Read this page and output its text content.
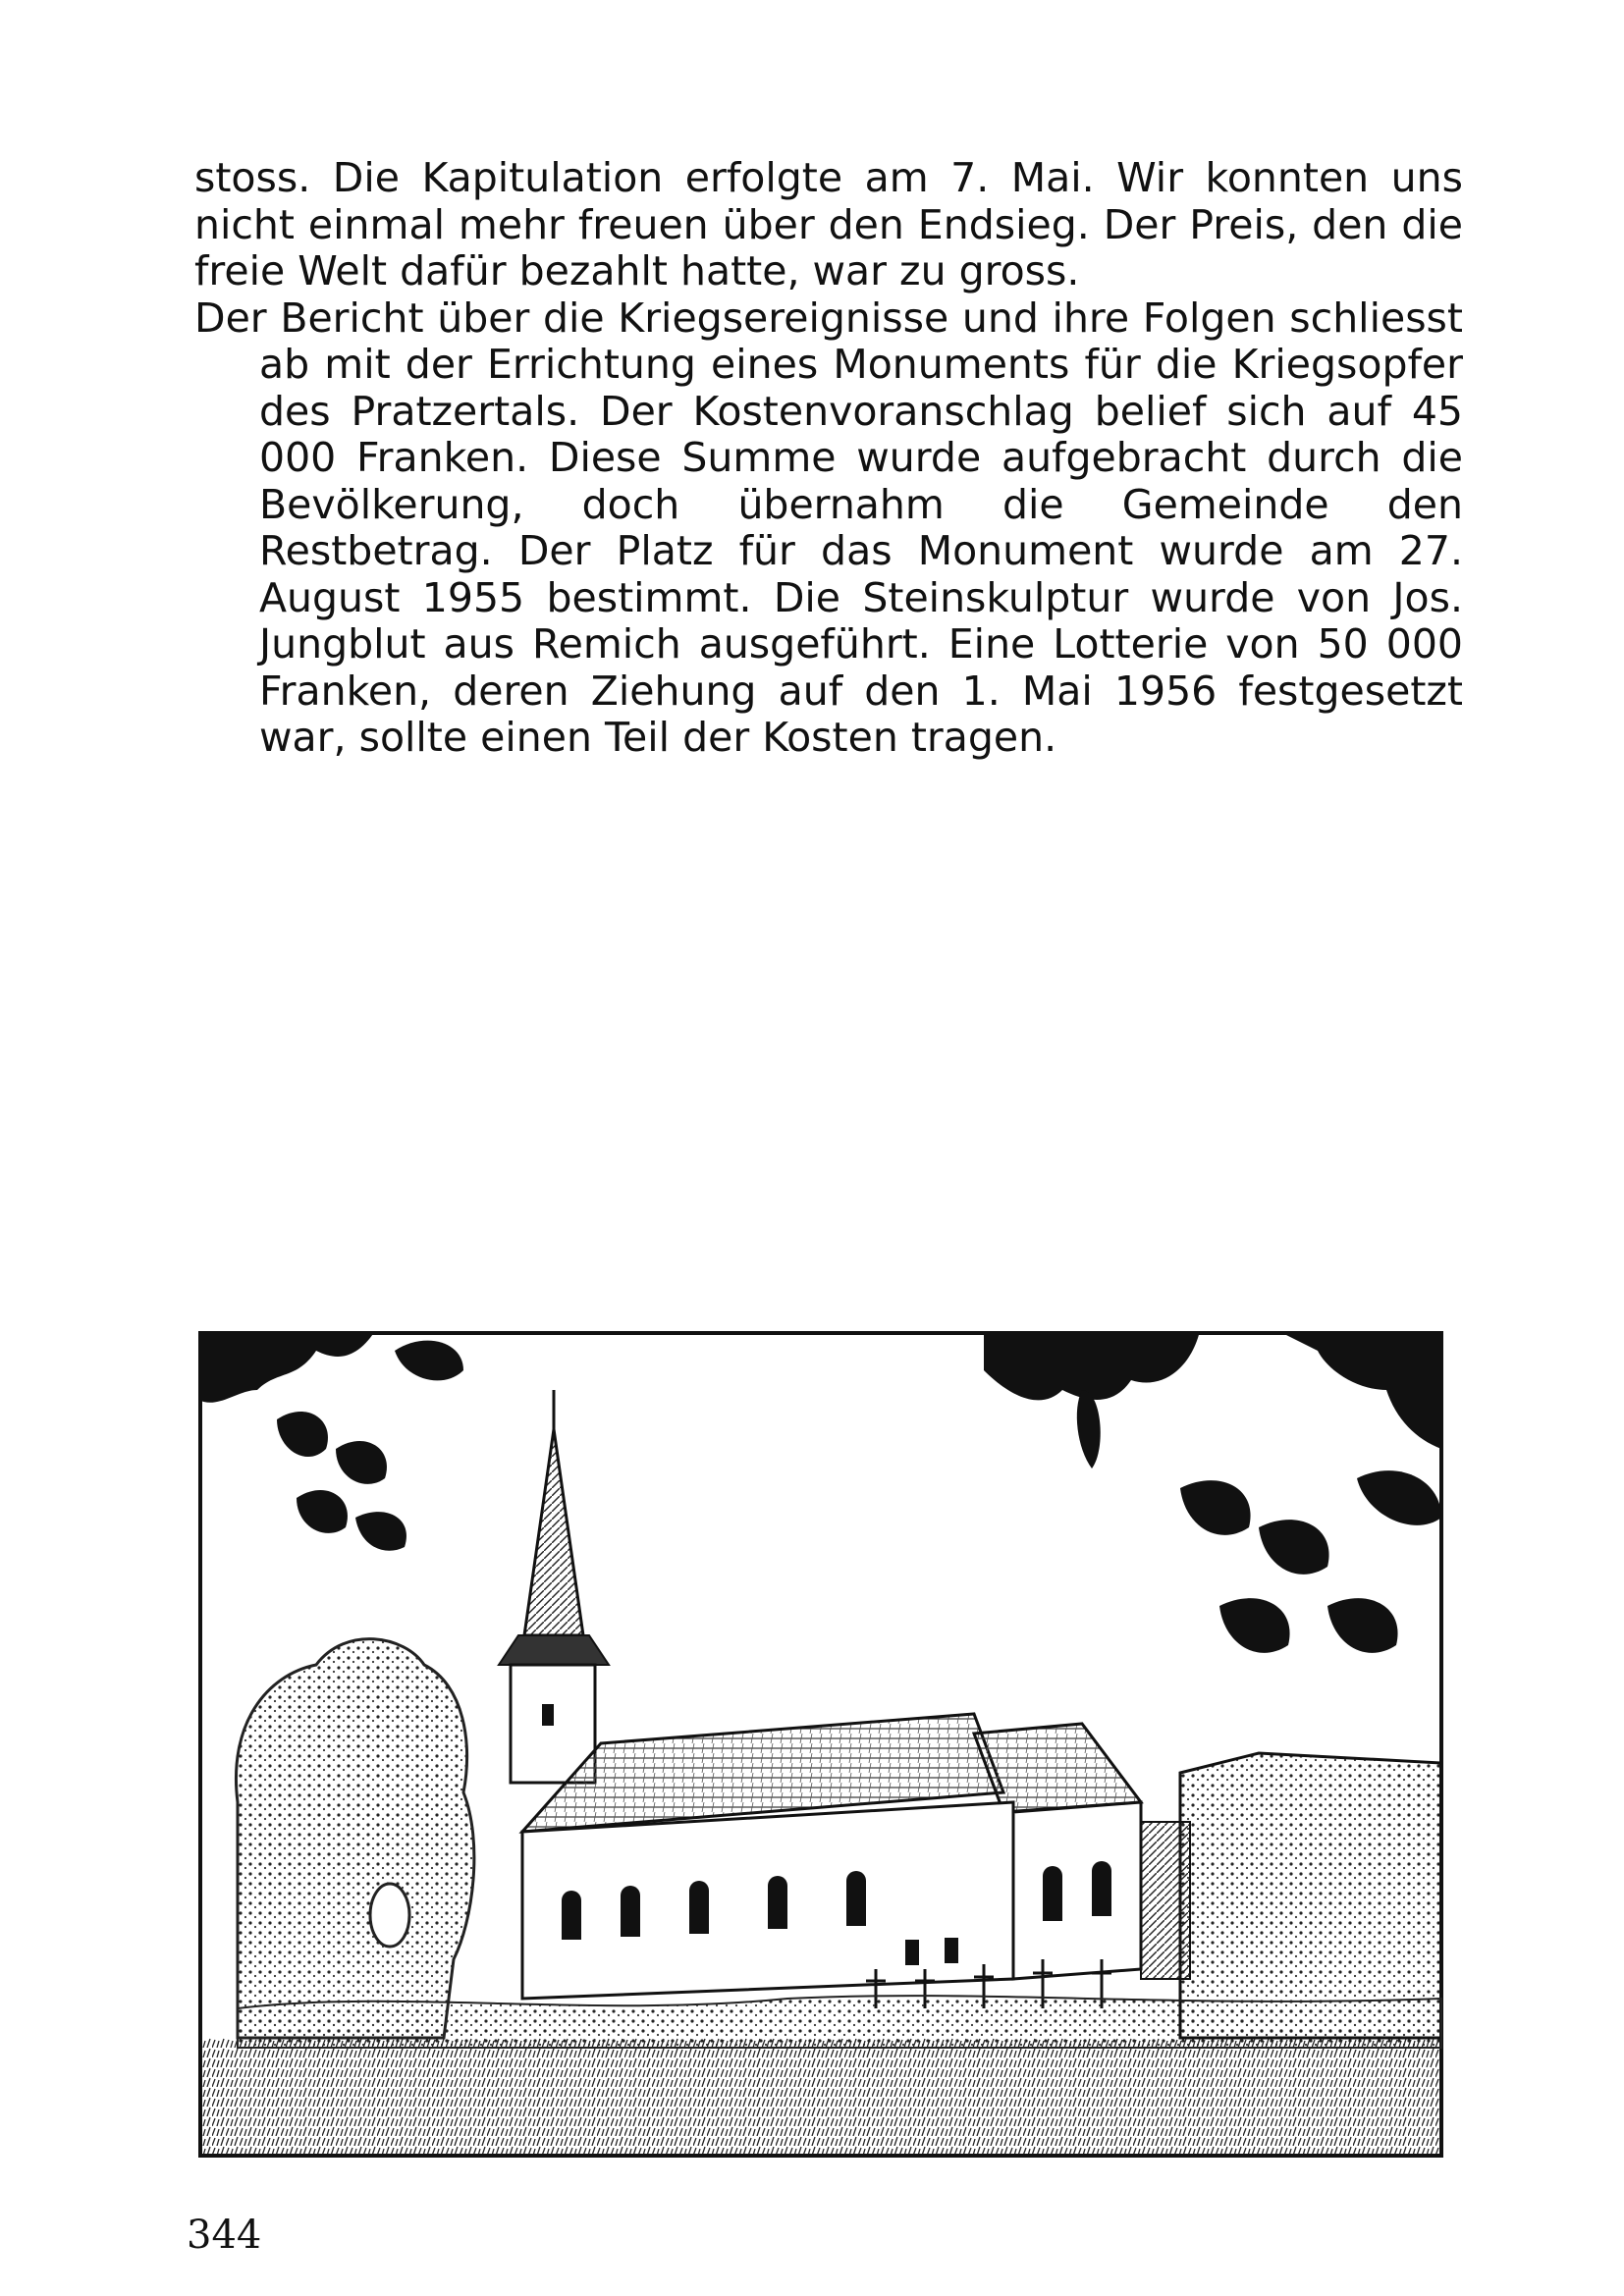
stoss. Die Kapitulation erfolgte am 7. Mai. Wir konnten uns nicht einmal mehr freuen über den Endsieg. Der Preis, den die freie Welt dafür bezahlt hatte, war zu gross.

Der Bericht über die Kriegsereignisse und ihre Folgen schliesst ab mit der Errichtung eines Monuments für die Kriegsopfer des Pratzertals. Der Kostenvoranschlag belief sich auf 45 000 Franken. Diese Summe wurde aufgebracht durch die Bevölkerung, doch übernahm die Gemeinde den Restbetrag. Der Platz für das Monument wurde am 27. August 1955 bestimmt. Die Steinskulptur wurde von Jos. Jungblut aus Remich ausgeführt. Eine Lotterie von 50 000 Franken, deren Ziehung auf den 1. Mai 1956 festgesetzt war, sollte einen Teil der Kosten tragen.

344
